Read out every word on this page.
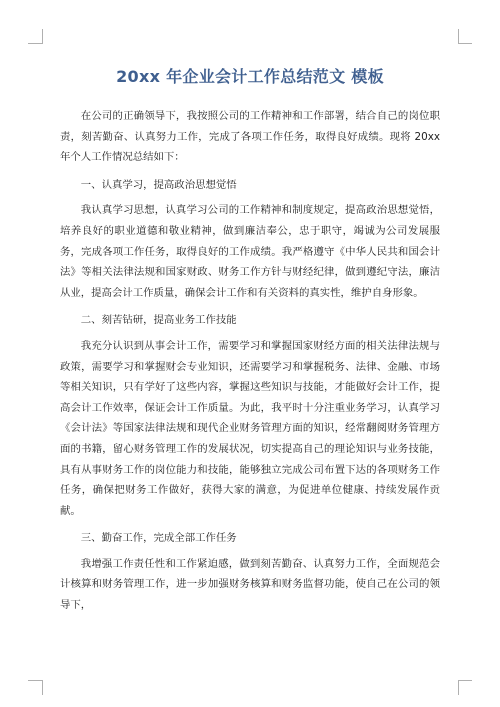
20xx 年企业会计工作总结范文 模板

在公司的正确领导下，我按照公司的工作精神和工作部署，结合自己的岗位职责，刻苦勤奋、认真努力工作，完成了各项工作任务，取得良好成绩。现将 20xx 年个人工作情况总结如下：

一、认真学习，提高政治思想觉悟

我认真学习思想，认真学习公司的工作精神和制度规定，提高政治思想觉悟，培养良好的职业道德和敬业精神，做到廉洁奉公，忠于职守，竭诚为公司发展服务，完成各项工作任务，取得良好的工作成绩。我严格遵守《中华人民共和国会计法》等相关法律法规和国家财政、财务工作方针与财经纪律，做到遵纪守法，廉洁从业，提高会计工作质量，确保会计工作和有关资料的真实性，维护自身形象。

二、刻苦钻研，提高业务工作技能

我充分认识到从事会计工作，需要学习和掌握国家财经方面的相关法律法规与政策，需要学习和掌握财会专业知识，还需要学习和掌握税务、法律、金融、市场等相关知识，只有学好了这些内容，掌握这些知识与技能，才能做好会计工作，提高会计工作效率，保证会计工作质量。为此，我平时十分注重业务学习，认真学习《会计法》等国家法律法规和现代企业财务管理方面的知识，经常翻阅财务管理方面的书籍，留心财务管理工作的发展状况，切实提高自己的理论知识与业务技能，具有从事财务工作的岗位能力和技能，能够独立完成公司布置下达的各项财务工作任务，确保把财务工作做好，获得大家的满意，为促进单位健康、持续发展作贡献。

三、勤奋工作，完成全部工作任务

我增强工作责任性和工作紧迫感，做到刻苦勤奋、认真努力工作，全面规范会计核算和财务管理工作，进一步加强财务核算和财务监督功能，使自己在公司的领导下，
